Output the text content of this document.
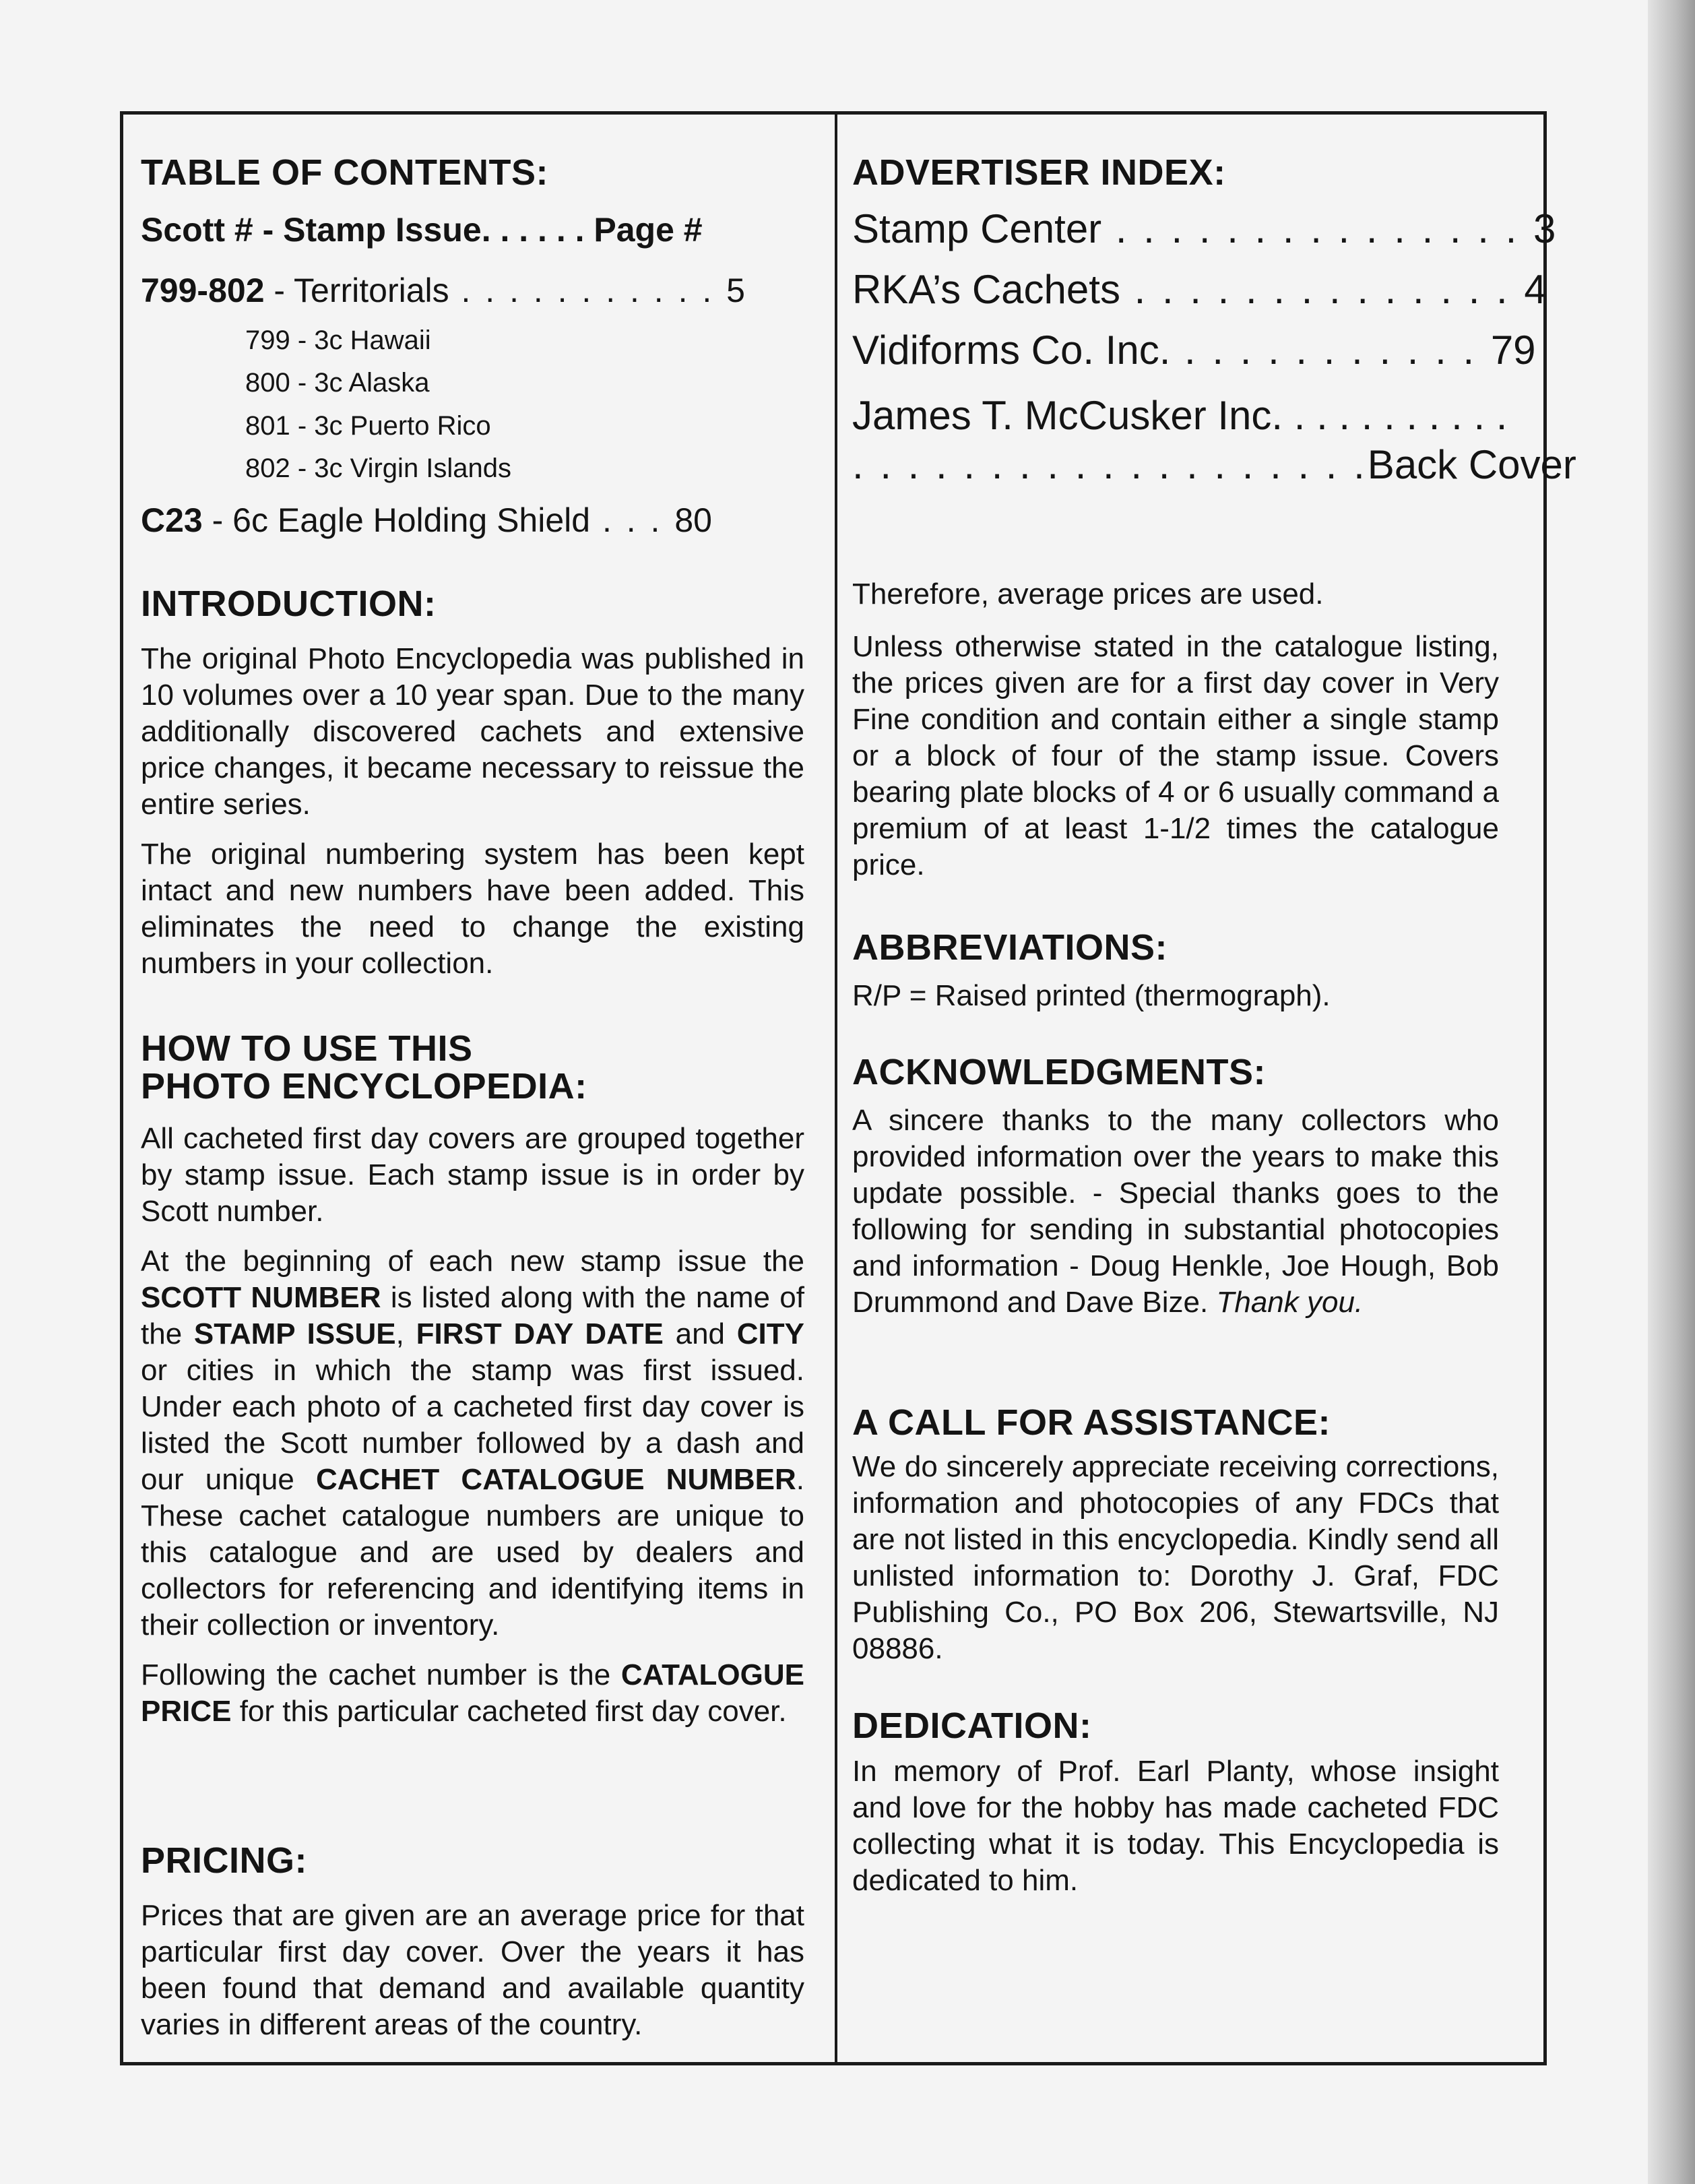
TABLE OF CONTENTS:
Scott # - Stamp Issue. . . . . . Page #
799-802 - Territorials . . . . . . . . . . . 5
799 - 3c Hawaii
800 - 3c Alaska
801 - 3c Puerto Rico
802 - 3c Virgin Islands
C23 - 6c Eagle Holding Shield . . . 80
INTRODUCTION:

The original Photo Encyclopedia was published in 10 volumes over a 10 year span. Due to the many additionally discovered cachets and extensive price changes, it became necessary to reissue the entire series.

The original numbering system has been kept intact and new numbers have been added. This eliminates the need to change the existing numbers in your collection.

HOW TO USE THIS
PHOTO ENCYCLOPEDIA:

All cacheted first day covers are grouped together by stamp issue. Each stamp issue is in order by Scott number.

At the beginning of each new stamp issue the SCOTT NUMBER is listed along with the name of the STAMP ISSUE, FIRST DAY DATE and CITY or cities in which the stamp was first issued. Under each photo of a cacheted first day cover is listed the Scott number followed by a dash and our unique CACHET CATALOGUE NUMBER. These cachet catalogue numbers are unique to this catalogue and are used by dealers and collectors for referencing and identifying items in their collection or inventory.

Following the cachet number is the CATALOGUE PRICE for this particular cacheted first day cover.

PRICING:

Prices that are given are an average price for that particular first day cover. Over the years it has been found that demand and available quantity varies in different areas of the country.

ADVERTISER INDEX:
Stamp Center . . . . . . . . . . . . . . . 3
RKA’s Cachets . . . . . . . . . . . . . . 4
Vidiforms Co. Inc. . . . . . . . . . . . 79
James T. McCusker Inc. . . . . . . . . . .
. . . . . . . . . . . . . . . . . . .Back Cover

Therefore, average prices are used.

Unless otherwise stated in the catalogue listing, the prices given are for a first day cover in Very Fine condition and contain either a single stamp or a block of four of the stamp issue. Covers bearing plate blocks of 4 or 6 usually command a premium of at least 1-1/2 times the catalogue price.

ABBREVIATIONS:

R/P = Raised printed (thermograph).

ACKNOWLEDGMENTS:

A sincere thanks to the many collectors who provided information over the years to make this update possible. - Special thanks goes to the following for sending in substantial photocopies and information - Doug Henkle, Joe Hough, Bob Drummond and Dave Bize. Thank you.

A CALL FOR ASSISTANCE:

We do sincerely appreciate receiving corrections, information and photocopies of any FDCs that are not listed in this encyclopedia. Kindly send all unlisted information to: Dorothy J. Graf, FDC Publishing Co., PO Box 206, Stewartsville, NJ 08886.

DEDICATION:

In memory of Prof. Earl Planty, whose insight and love for the hobby has made cacheted FDC collecting what it is today. This Encyclopedia is dedicated to him.
